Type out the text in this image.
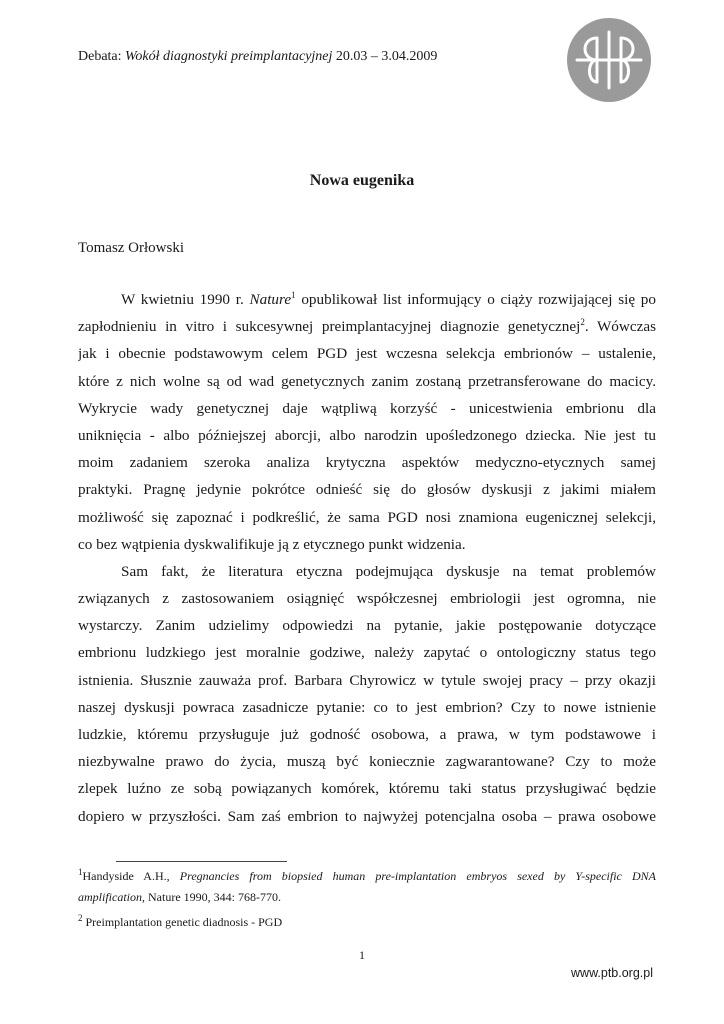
Debata: Wokół diagnostyki preimplantacyjnej 20.03 – 3.04.2009
Nowa eugenika
Tomasz Orłowski
W kwietniu 1990 r. Nature$^1$ opublikował list informujący o ciąży rozwijającej się po
zapłodnieniu in vitro i sukcesywnej preimplantacyjnej diagnozie genetycznej$^2$. Wówczas
jak i obecnie podstawowym celem PGD jest wczesna selekcja embrionów – ustalenie,
które z nich wolne są od wad genetycznych zanim zostaną przetransferowane do macicy.
Wykrycie wady genetycznej daje wątpliwą korzyść - unicestwienia embrionu dla
uniknięcia - albo późniejszej aborcji, albo narodzin upośledzonego dziecka. Nie jest tu
moim zadaniem szeroka analiza krytyczna aspektów medyczno-etycznych samej
praktyki. Pragnę jedynie pokrótce odnieść się do głosów dyskusji z jakimi miałem
możliwość się zapoznać i podkreślić, że sama PGD nosi znamiona eugenicznej selekcji,
co bez wątpienia dyskwalifikuje ją z etycznego punkt widzenia.
Sam fakt, że literatura etyczna podejmująca dyskusje na temat problemów
związanych z zastosowaniem osiągnięć współczesnej embriologii jest ogromna, nie
wystarczy. Zanim udzielimy odpowiedzi na pytanie, jakie postępowanie dotyczące
embrionu ludzkiego jest moralnie godziwe, należy zapytać o ontologiczny status tego
istnienia. Słusznie zauważa prof. Barbara Chyrowicz w tytule swojej pracy – przy okazji
naszej dyskusji powraca zasadnicze pytanie: co to jest embrion? Czy to nowe istnienie
ludzkie, któremu przysługuje już godność osobowa, a prawa, w tym podstawowe i
niezbywalne prawo do życia, muszą być koniecznie zagwarantowane? Czy to może
zlepek luźno ze sobą powiązanych komórek, któremu taki status przysługiwać będzie
dopiero w przyszłości. Sam zaś embrion to najwyżej potencjalna osoba – prawa osobowe
$^1$Handyside A.H., Pregnancies from biopsied human pre-implantation embryos sexed by Y-specific DNA
amplification, Nature 1990, 344: 768-770.
$^2$ Preimplantation genetic diadnosis - PGD
1
www.ptb.org.pl
